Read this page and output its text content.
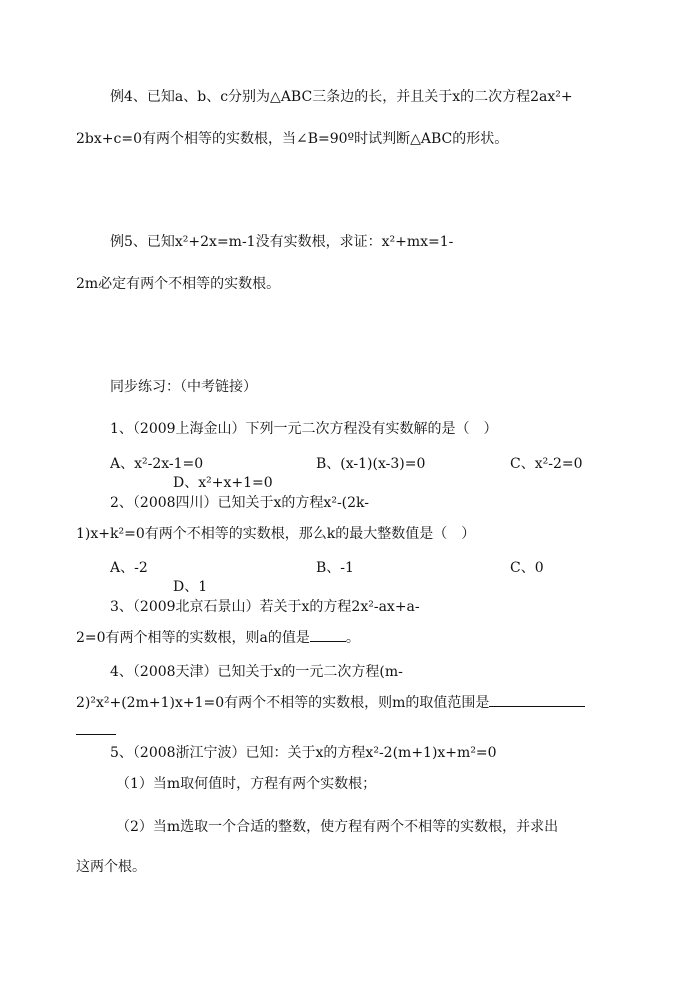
例4、已知a、b、c分别为△ABC三条边的长，并且关于x的二次方程2ax²+
2bx+c=0有两个相等的实数根，当∠B=90º时试判断△ABC的形状。
例5、已知x²+2x=m-1没有实数根，求证：x²+mx=1-
2m必定有两个不相等的实数根。
同步练习：（中考链接）
1、（2009上海金山）下列一元二次方程没有实数解的是（　）
A、x²-2x-1=0	B、(x-1)(x-3)=0	C、x²-2=0
D、x²+x+1=0
2、（2008四川）已知关于x的方程x²-(2k-
1)x+k²=0有两个不相等的实数根，那么k的最大整数值是（　）
A、-2	B、-1	C、0
D、1
3、（2009北京石景山）若关于x的方程2x²-ax+a-
2=0有两个相等的实数根，则a的值是	。
4、（2008天津）已知关于x的一元二次方程(m-
2)²x²+(2m+1)x+1=0有两个不相等的实数根，则m的取值范围是
5、（2008浙江宁波）已知：关于x的方程x²-2(m+1)x+m²=0
（1）当m取何值时，方程有两个实数根；
（2）当m选取一个合适的整数，使方程有两个不相等的实数根，并求出
这两个根。
